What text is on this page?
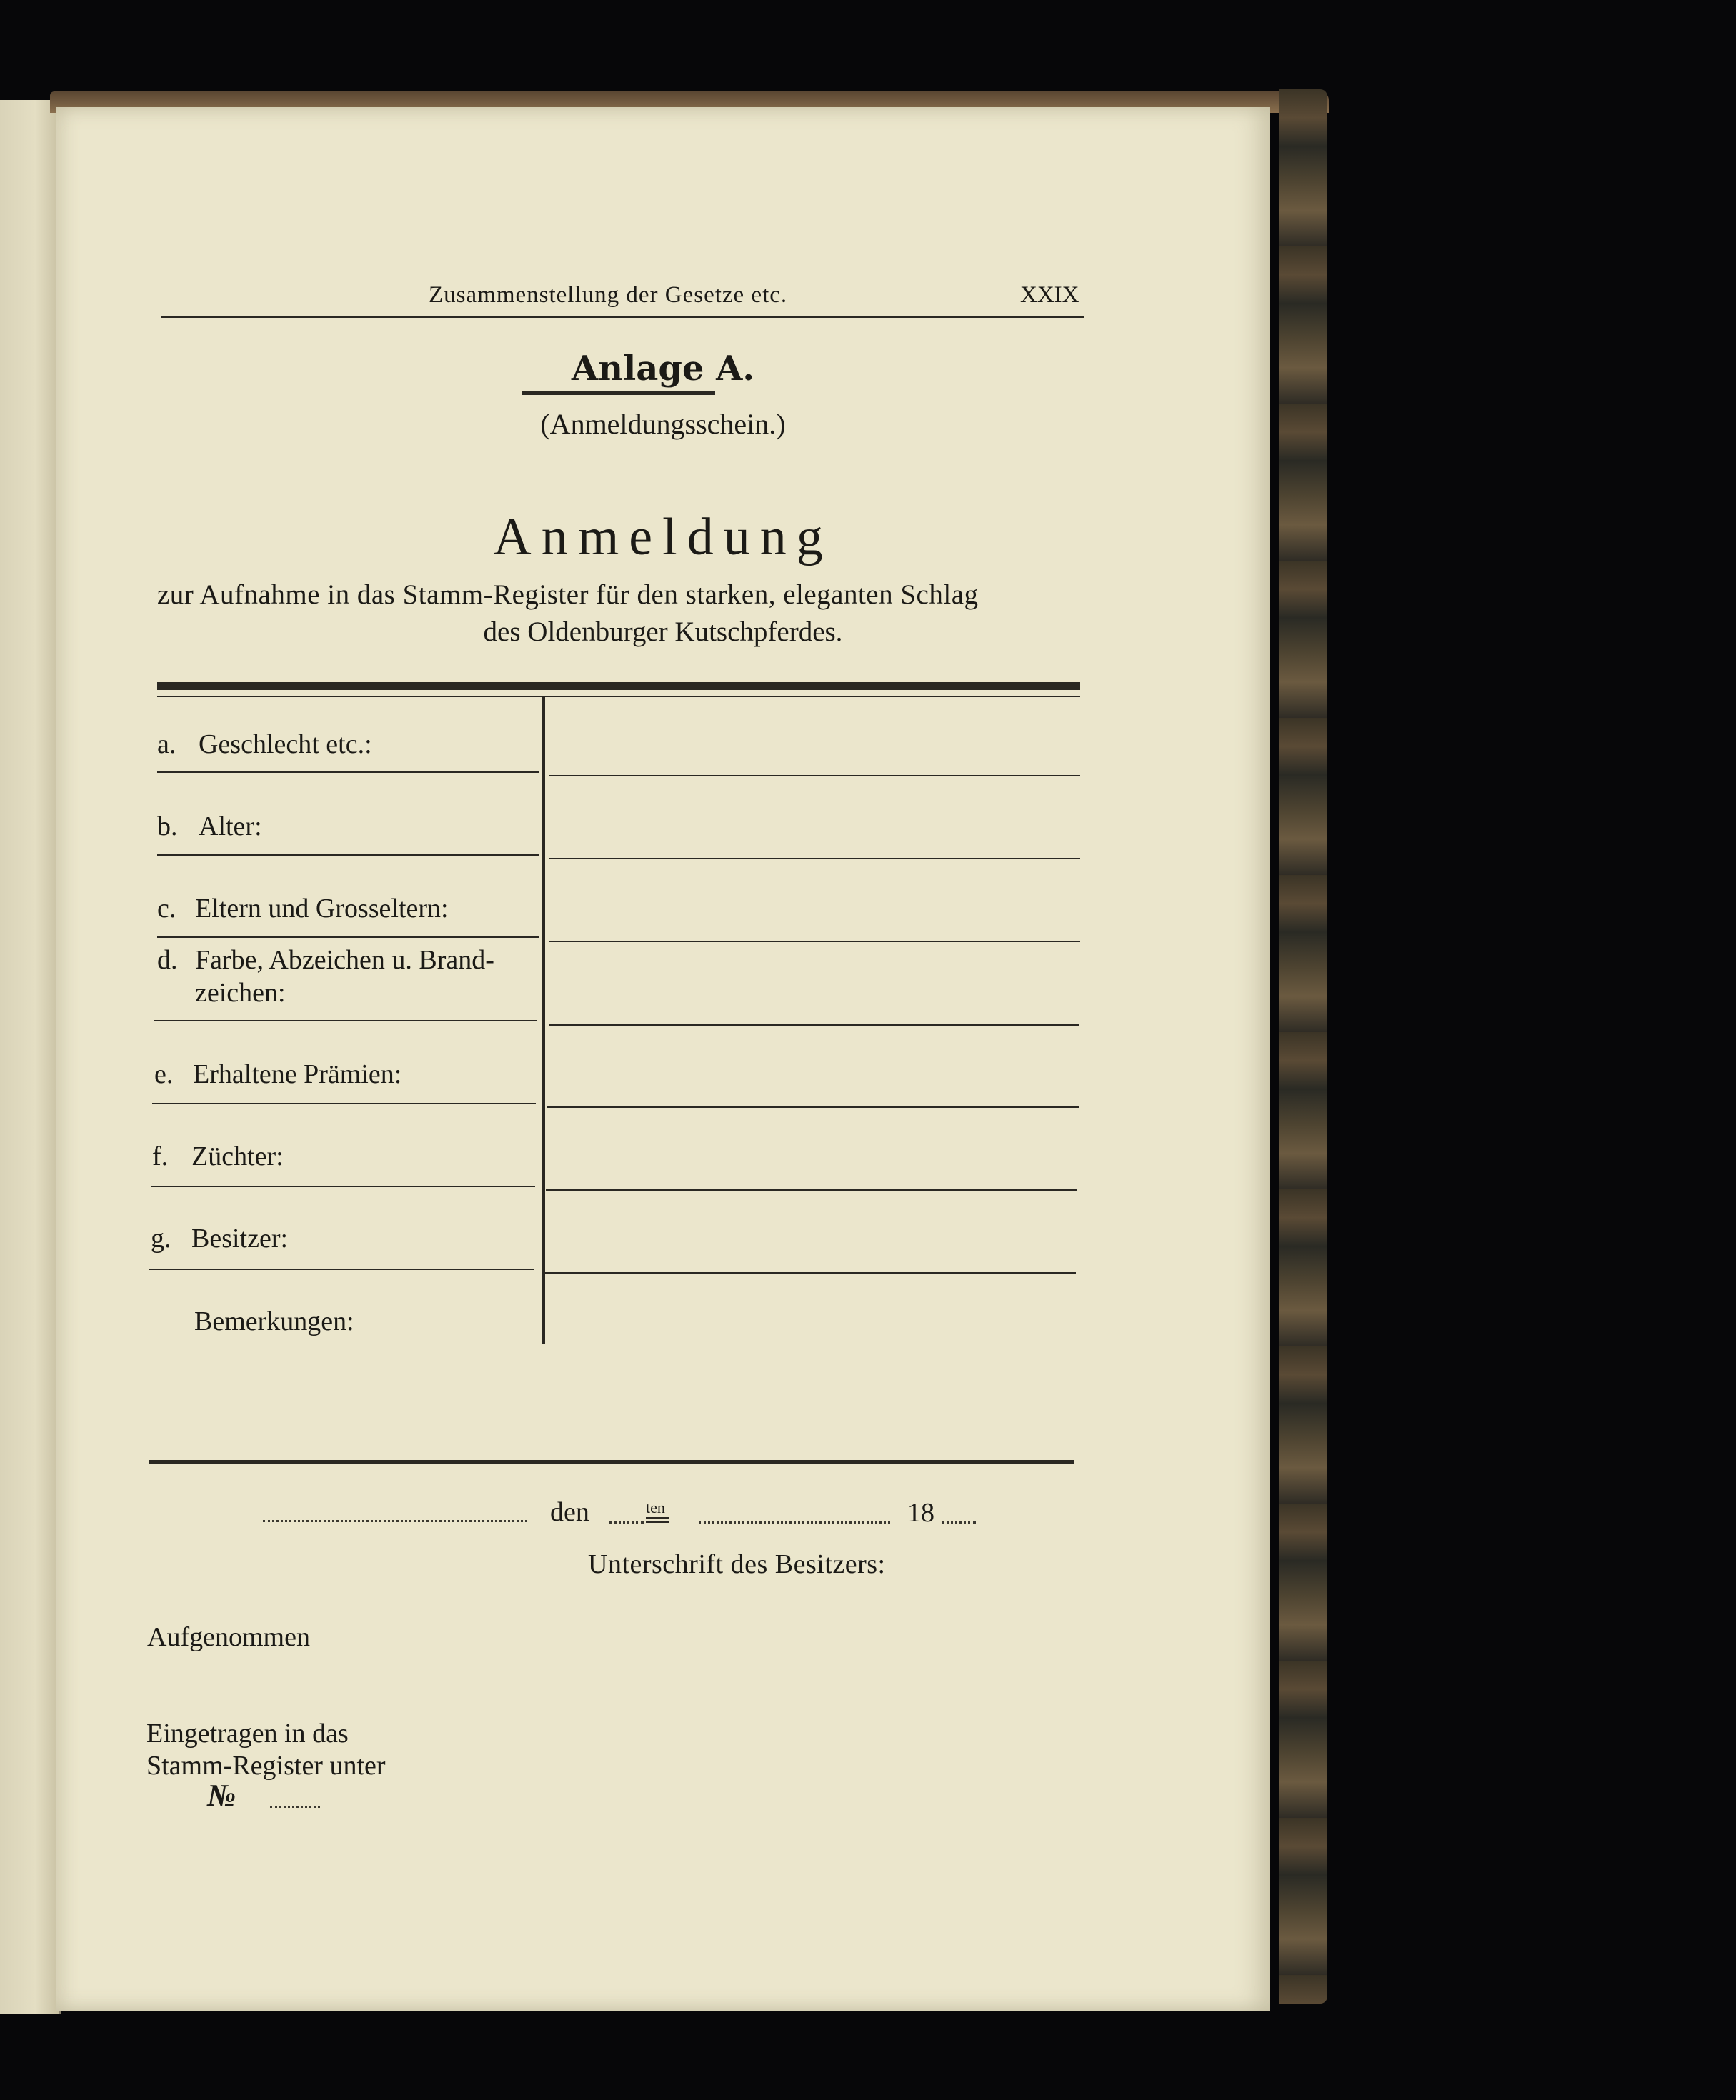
Zusammenstellung der Gesetze etc.	XXIX
Anlage A.
(Anmeldungsschein.)
Anmeldung
zur Aufnahme in das Stamm-Register für den starken, eleganten Schlag
des Oldenburger Kutschpferdes.
a. Geschlecht etc.:
b. Alter:
c. Eltern und Grosseltern:
d. Farbe, Abzeichen u. Brand-
zeichen:
e. Erhaltene Prämien:
f. Züchter:
g. Besitzer:
Bemerkungen:
den	ten	18
Unterschrift des Besitzers:
Aufgenommen
Eingetragen in das
Stamm-Register unter
№
